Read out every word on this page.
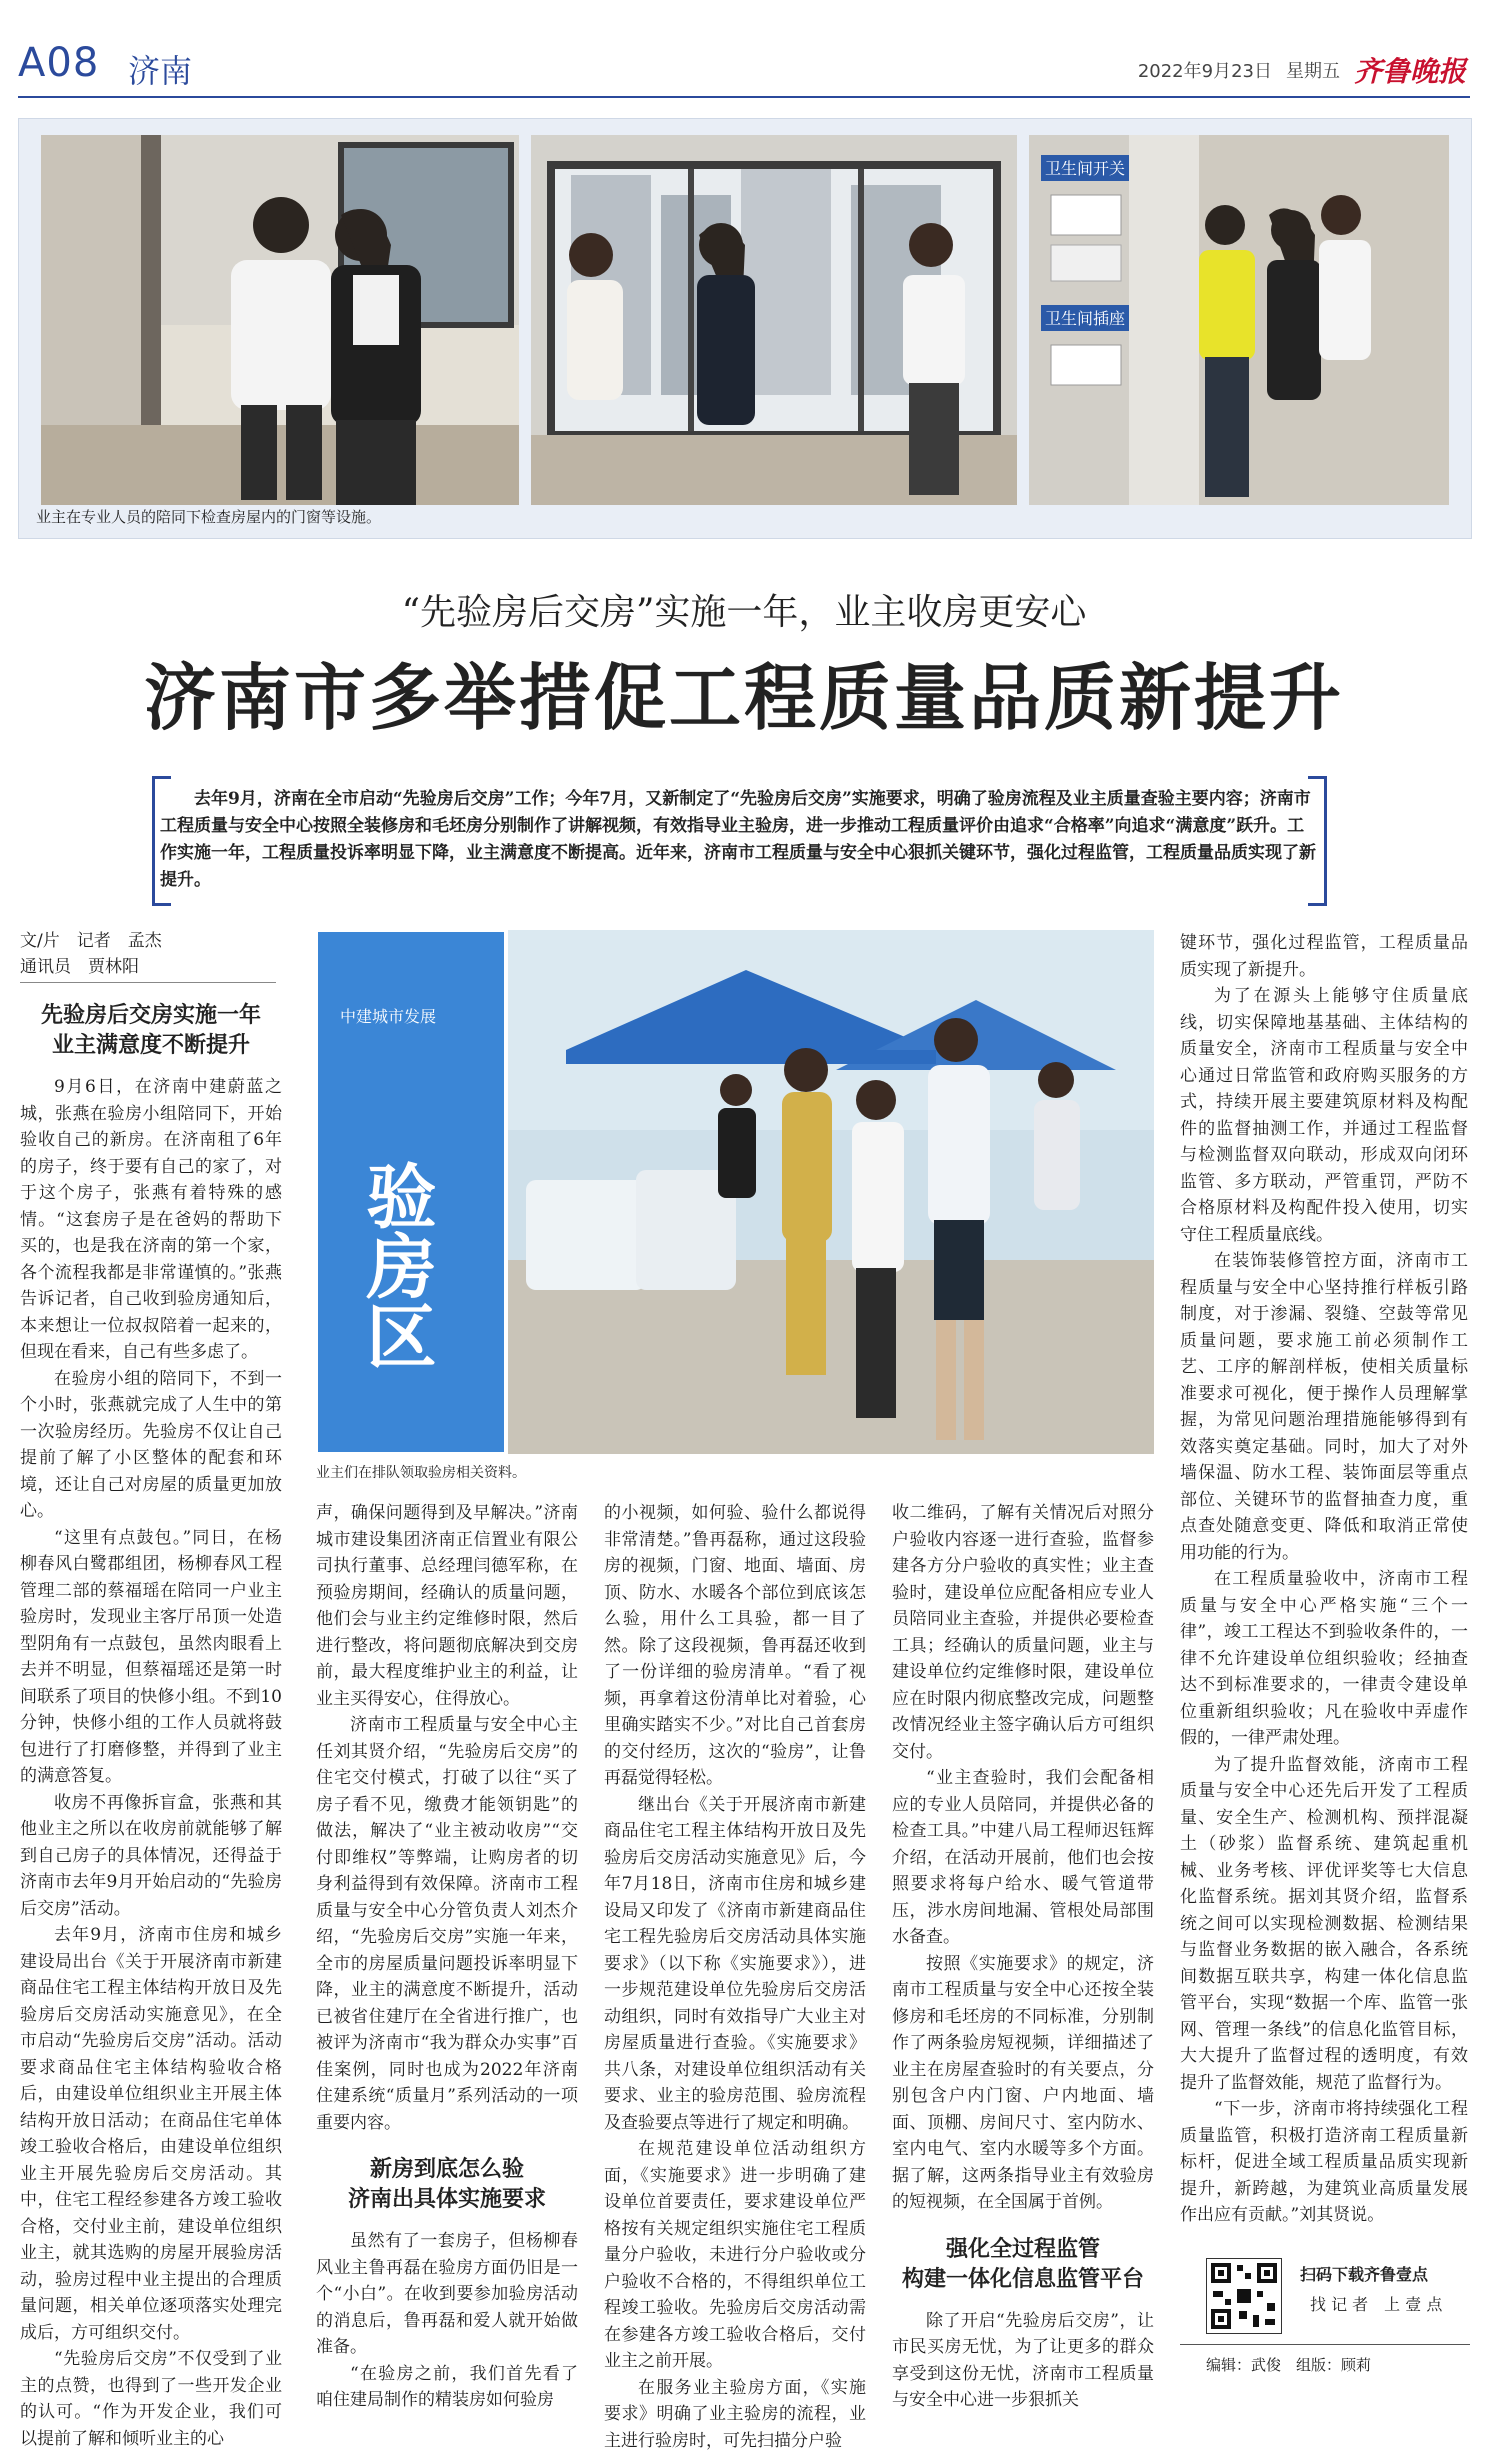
A08 济南	2022年9月23日 星期五 齐鲁晚报
卫生间开关
卫生间插座
业主在专业人员的陪同下检查房屋内的门窗等设施。
“先验房后交房”实施一年，业主收房更安心
济南市多举措促工程质量品质新提升
去年9月，济南在全市启动“先验房后交房”工作；今年7月，又新制定了“先验房后交房”实施要求，明确了验房流程及业主质量查验主要内容；济南市工程质量与安全中心按照全装修房和毛坯房分别制作了讲解视频，有效指导业主验房，进一步推动工程质量评价由追求“合格率”向追求“满意度”跃升。工作实施一年，工程质量投诉率明显下降，业主满意度不断提高。近年来，济南市工程质量与安全中心狠抓关键环节，强化过程监管，工程质量品质实现了新提升。
文/片　记者　孟杰
通讯员　贾林阳
中建城市发展
验房区
业主们在排队领取验房相关资料。
先验房后交房实施一年
业主满意度不断提升

9月6日，在济南中建蔚蓝之城，张燕在验房小组陪同下，开始验收自己的新房。在济南租了6年的房子，终于要有自己的家了，对于这个房子，张燕有着特殊的感情。“这套房子是在爸妈的帮助下买的，也是我在济南的第一个家，各个流程我都是非常谨慎的。”张燕告诉记者，自己收到验房通知后，本来想让一位叔叔陪着一起来的，但现在看来，自己有些多虑了。

在验房小组的陪同下，不到一个小时，张燕就完成了人生中的第一次验房经历。先验房不仅让自己提前了解了小区整体的配套和环境，还让自己对房屋的质量更加放心。

“这里有点鼓包。”同日，在杨柳春风白鹭郡组团，杨柳春风工程管理二部的蔡福瑶在陪同一户业主验房时，发现业主客厅吊顶一处造型阴角有一点鼓包，虽然肉眼看上去并不明显，但蔡福瑶还是第一时间联系了项目的快修小组。不到10分钟，快修小组的工作人员就将鼓包进行了打磨修整，并得到了业主的满意答复。

收房不再像拆盲盒，张燕和其他业主之所以在收房前就能够了解到自己房子的具体情况，还得益于济南市去年9月开始启动的“先验房后交房”活动。

去年9月，济南市住房和城乡建设局出台《关于开展济南市新建商品住宅工程主体结构开放日及先验房后交房活动实施意见》，在全市启动“先验房后交房”活动。活动要求商品住宅主体结构验收合格后，由建设单位组织业主开展主体结构开放日活动；在商品住宅单体竣工验收合格后，由建设单位组织业主开展先验房后交房活动。其中，住宅工程经参建各方竣工验收合格，交付业主前，建设单位组织业主，就其选购的房屋开展验房活动，验房过程中业主提出的合理质量问题，相关单位逐项落实处理完成后，方可组织交付。

“先验房后交房”不仅受到了业主的点赞，也得到了一些开发企业的认可。“作为开发企业，我们可以提前了解和倾听业主的心

声，确保问题得到及早解决。”济南城市建设集团济南正信置业有限公司执行董事、总经理闫德军称，在预验房期间，经确认的质量问题，他们会与业主约定维修时限，然后进行整改，将问题彻底解决到交房前，最大程度维护业主的利益，让业主买得安心，住得放心。

济南市工程质量与安全中心主任刘其贤介绍，“先验房后交房”的住宅交付模式，打破了以往“买了房子看不见，缴费才能领钥匙”的做法，解决了“业主被动收房”“交付即维权”等弊端，让购房者的切身利益得到有效保障。济南市工程质量与安全中心分管负责人刘杰介绍，“先验房后交房”实施一年来，全市的房屋质量问题投诉率明显下降，业主的满意度不断提升，活动已被省住建厅在全省进行推广，也被评为济南市“我为群众办实事”百佳案例，同时也成为2022年济南住建系统“质量月”系列活动的一项重要内容。

新房到底怎么验
济南出具体实施要求

虽然有了一套房子，但杨柳春风业主鲁再磊在验房方面仍旧是一个“小白”。在收到要参加验房活动的消息后，鲁再磊和爱人就开始做准备。

“在验房之前，我们首先看了咱住建局制作的精装房如何验房

的小视频，如何验、验什么都说得非常清楚。”鲁再磊称，通过这段验房的视频，门窗、地面、墙面、房顶、防水、水暖各个部位到底该怎么验，用什么工具验，都一目了然。除了这段视频，鲁再磊还收到了一份详细的验房清单。“看了视频，再拿着这份清单比对着验，心里确实踏实不少。”对比自己首套房的交付经历，这次的“验房”，让鲁再磊觉得轻松。

继出台《关于开展济南市新建商品住宅工程主体结构开放日及先验房后交房活动实施意见》后，今年7月18日，济南市住房和城乡建设局又印发了《济南市新建商品住宅工程先验房后交房活动具体实施要求》（以下称《实施要求》），进一步规范建设单位先验房后交房活动组织，同时有效指导广大业主对房屋质量进行查验。《实施要求》共八条，对建设单位组织活动有关要求、业主的验房范围、验房流程及查验要点等进行了规定和明确。

在规范建设单位活动组织方面，《实施要求》进一步明确了建设单位首要责任，要求建设单位严格按有关规定组织实施住宅工程质量分户验收，未进行分户验收或分户验收不合格的，不得组织单位工程竣工验收。先验房后交房活动需在参建各方竣工验收合格后，交付业主之前开展。

在服务业主验房方面，《实施要求》明确了业主验房的流程，业主进行验房时，可先扫描分户验

收二维码，了解有关情况后对照分户验收内容逐一进行查验，监督参建各方分户验收的真实性；业主查验时，建设单位应配备相应专业人员陪同业主查验，并提供必要检查工具；经确认的质量问题，业主与建设单位约定维修时限，建设单位应在时限内彻底整改完成，问题整改情况经业主签字确认后方可组织交付。

“业主查验时，我们会配备相应的专业人员陪同，并提供必备的检查工具。”中建八局工程师迟钰辉介绍，在活动开展前，他们也会按照要求将每户给水、暖气管道带压，涉水房间地漏、管根处局部围水备查。

按照《实施要求》的规定，济南市工程质量与安全中心还按全装修房和毛坯房的不同标准，分别制作了两条验房短视频，详细描述了业主在房屋查验时的有关要点，分别包含户内门窗、户内地面、墙面、顶棚、房间尺寸、室内防水、室内电气、室内水暖等多个方面。据了解，这两条指导业主有效验房的短视频，在全国属于首例。

强化全过程监管
构建一体化信息监管平台

除了开启“先验房后交房”，让市民买房无忧，为了让更多的群众享受到这份无忧，济南市工程质量与安全中心进一步狠抓关

键环节，强化过程监管，工程质量品质实现了新提升。

为了在源头上能够守住质量底线，切实保障地基基础、主体结构的质量安全，济南市工程质量与安全中心通过日常监管和政府购买服务的方式，持续开展主要建筑原材料及构配件的监督抽测工作，并通过工程监督与检测监督双向联动，形成双向闭环监管、多方联动，严管重罚，严防不合格原材料及构配件投入使用，切实守住工程质量底线。

在装饰装修管控方面，济南市工程质量与安全中心坚持推行样板引路制度，对于渗漏、裂缝、空鼓等常见质量问题，要求施工前必须制作工艺、工序的解剖样板，使相关质量标准要求可视化，便于操作人员理解掌握，为常见问题治理措施能够得到有效落实奠定基础。同时，加大了对外墙保温、防水工程、装饰面层等重点部位、关键环节的监督抽查力度，重点查处随意变更、降低和取消正常使用功能的行为。

在工程质量验收中，济南市工程质量与安全中心严格实施“三个一律”，竣工工程达不到验收条件的，一律不允许建设单位组织验收；经抽查达不到标准要求的，一律责令建设单位重新组织验收；凡在验收中弄虚作假的，一律严肃处理。

为了提升监督效能，济南市工程质量与安全中心还先后开发了工程质量、安全生产、检测机构、预拌混凝土（砂浆）监督系统、建筑起重机械、业务考核、评优评奖等七大信息化监督系统。据刘其贤介绍，监督系统之间可以实现检测数据、检测结果与监督业务数据的嵌入融合，各系统间数据互联共享，构建一体化信息监管平台，实现“数据一个库、监管一张网、管理一条线”的信息化监管目标，大大提升了监督过程的透明度，有效提升了监督效能，规范了监督行为。

“下一步，济南市将持续强化工程质量监管，积极打造济南工程质量新标杆，促进全域工程质量品质实现新提升，新跨越，为建筑业高质量发展作出应有贡献。”刘其贤说。

扫码下载齐鲁壹点
找 记 者　上 壹 点
编辑：武俊　组版：顾莉
